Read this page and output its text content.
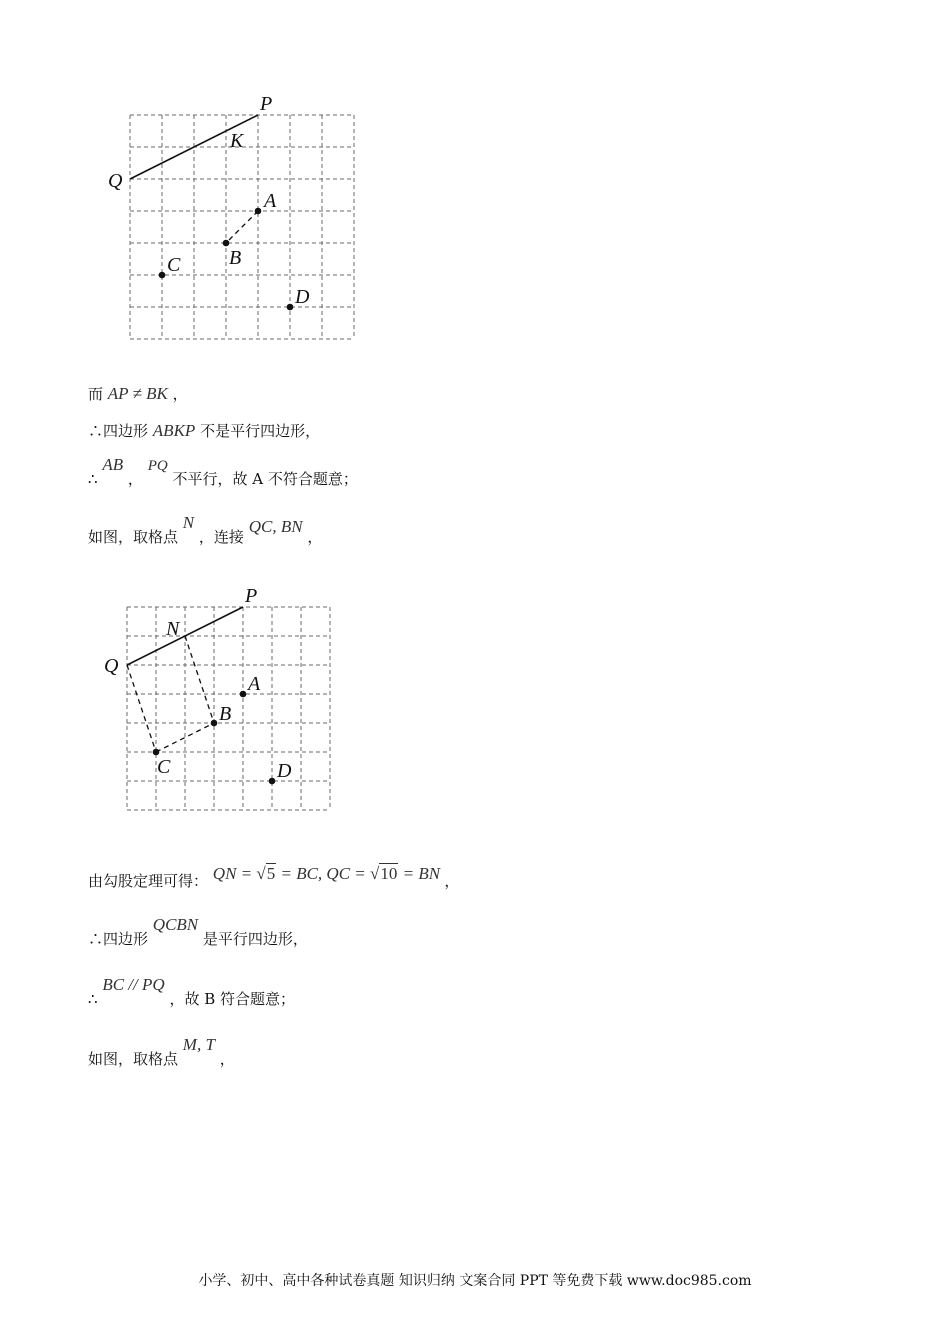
P
K
Q
A
B
C
D
而 AP ≠ BK ，
∴四边形 ABKP 不是平行四边形，
∴ AB ， PQ 不平行，故 A 不符合题意；
如图，取格点 N ，连接 QC, BN ，
P
N
Q
A
B
C	D
由勾股定理可得： QN = √5 = BC, QC = √10 = BN ，
∴四边形 QCBN 是平行四边形，
∴ BC // PQ ，故 B 符合题意；
如图，取格点 M, T ，
小学、初中、高中各种试卷真题 知识归纳 文案合同 PPT 等免费下载 www.doc985.com
